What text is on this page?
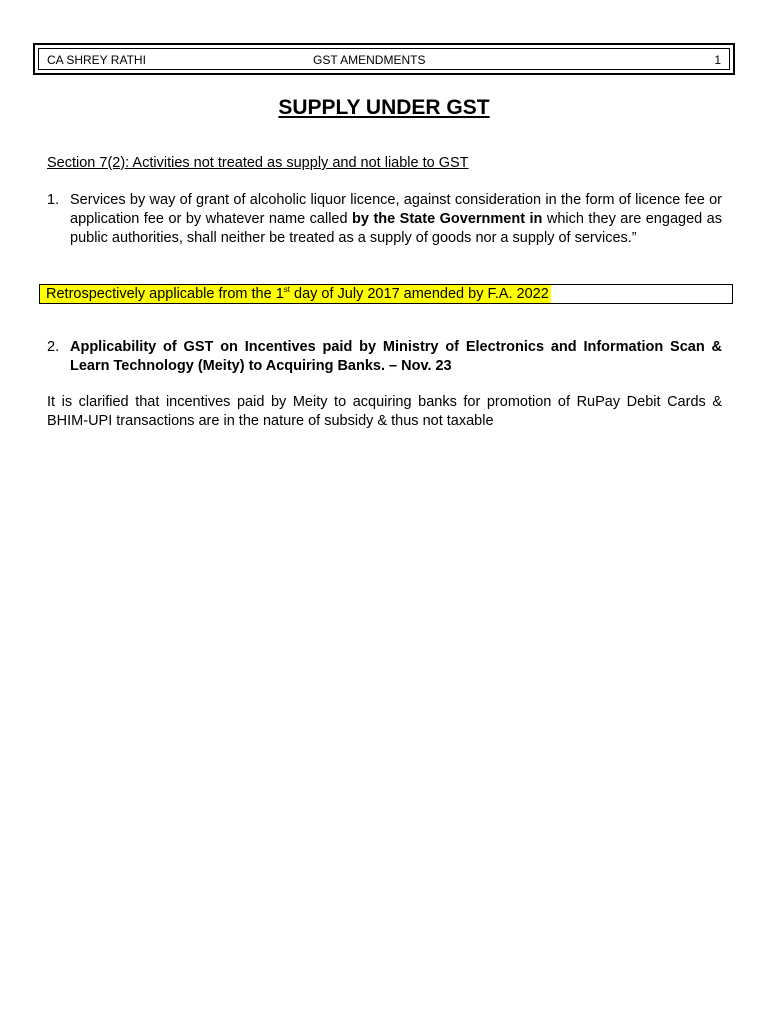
CA SHREY RATHI	GST AMENDMENTS	1
SUPPLY UNDER GST
Section 7(2): Activities not treated as supply and not liable to GST
1. Services by way of grant of alcoholic liquor licence, against consideration in the form of licence fee or application fee or by whatever name called by the State Government in which they are engaged as public authorities, shall neither be treated as a supply of goods nor a supply of services.”
Retrospectively applicable from the 1st day of July 2017 amended by F.A. 2022
2. Applicability of GST on Incentives paid by Ministry of Electronics and Information Scan & Learn Technology (Meity) to Acquiring Banks. – Nov. 23
It is clarified that incentives paid by Meity to acquiring banks for promotion of RuPay Debit Cards & BHIM-UPI transactions are in the nature of subsidy & thus not taxable
